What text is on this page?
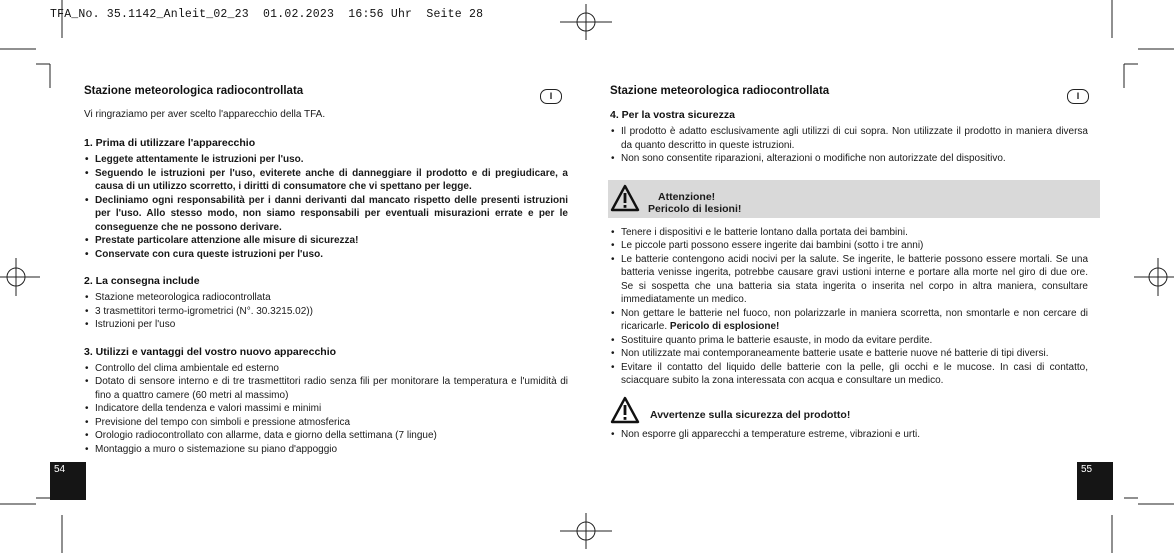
TFA_No. 35.1142_Anleit_02_23  01.02.2023  16:56 Uhr  Seite 28
Stazione meteorologica radiocontrollata	I
Vi ringraziamo per aver scelto l'apparecchio della TFA.
1. Prima di utilizzare l'apparecchio
• Leggete attentamente le istruzioni per l'uso.
• Seguendo le istruzioni per l'uso, eviterete anche di danneggiare il prodotto e di pregiudicare, a causa di un utilizzo scorretto, i diritti di consumatore che vi spettano per legge.
• Decliniamo ogni responsabilità per i danni derivanti dal mancato rispetto delle presenti istruzioni per l'uso. Allo stesso modo, non siamo responsabili per eventuali misurazioni errate e per le conseguenze che ne possono derivare.
• Prestate particolare attenzione alle misure di sicurezza!
• Conservate con cura queste istruzioni per l'uso.
2. La consegna include
• Stazione meteorologica radiocontrollata
• 3 trasmettitori termo-igrometrici (N°. 30.3215.02))
• Istruzioni per l'uso
3. Utilizzi e vantaggi del vostro nuovo apparecchio
• Controllo del clima ambientale ed esterno
• Dotato di sensore interno e di tre trasmettitori radio senza fili per monitorare la temperatura e l'umidità di fino a quattro camere (60 metri al massimo)
• Indicatore della tendenza e valori massimi e minimi
• Previsione del tempo con simboli e pressione atmosferica
• Orologio radiocontrollato con allarme, data e giorno della settimana (7 lingue)
• Montaggio a muro o sistemazione su piano d'appoggio
54
Stazione meteorologica radiocontrollata	I
4. Per la vostra sicurezza
• Il prodotto è adatto esclusivamente agli utilizzi di cui sopra. Non utilizzate il prodotto in maniera diversa da quanto descritto in queste istruzioni.
• Non sono consentite riparazioni, alterazioni o modifiche non autorizzate del dispositivo.
Attenzione!
Pericolo di lesioni!
• Tenere i dispositivi e le batterie lontano dalla portata dei bambini.
• Le piccole parti possono essere ingerite dai bambini (sotto i tre anni)
• Le batterie contengono acidi nocivi per la salute. Se ingerite, le batterie possono essere mortali. Se una batteria venisse ingerita, potrebbe causare gravi ustioni interne e portare alla morte nel giro di due ore. Se si sospetta che una batteria sia stata ingerita o inserita nel corpo in altra maniera, consultare immediatamente un medico.
• Non gettare le batterie nel fuoco, non polarizzarle in maniera scorretta, non smontarle e non cercare di ricaricarle. Pericolo di esplosione!
• Sostituire quanto prima le batterie esauste, in modo da evitare perdite.
• Non utilizzate mai contemporaneamente batterie usate e batterie nuove né batterie di tipi diversi.
• Evitare il contatto del liquido delle batterie con la pelle, gli occhi e le mucose. In casi di contatto, sciacquare subito la zona interessata con acqua e consultare un medico.
Avvertenze sulla sicurezza del prodotto!
• Non esporre gli apparecchi a temperature estreme, vibrazioni e urti.
55
